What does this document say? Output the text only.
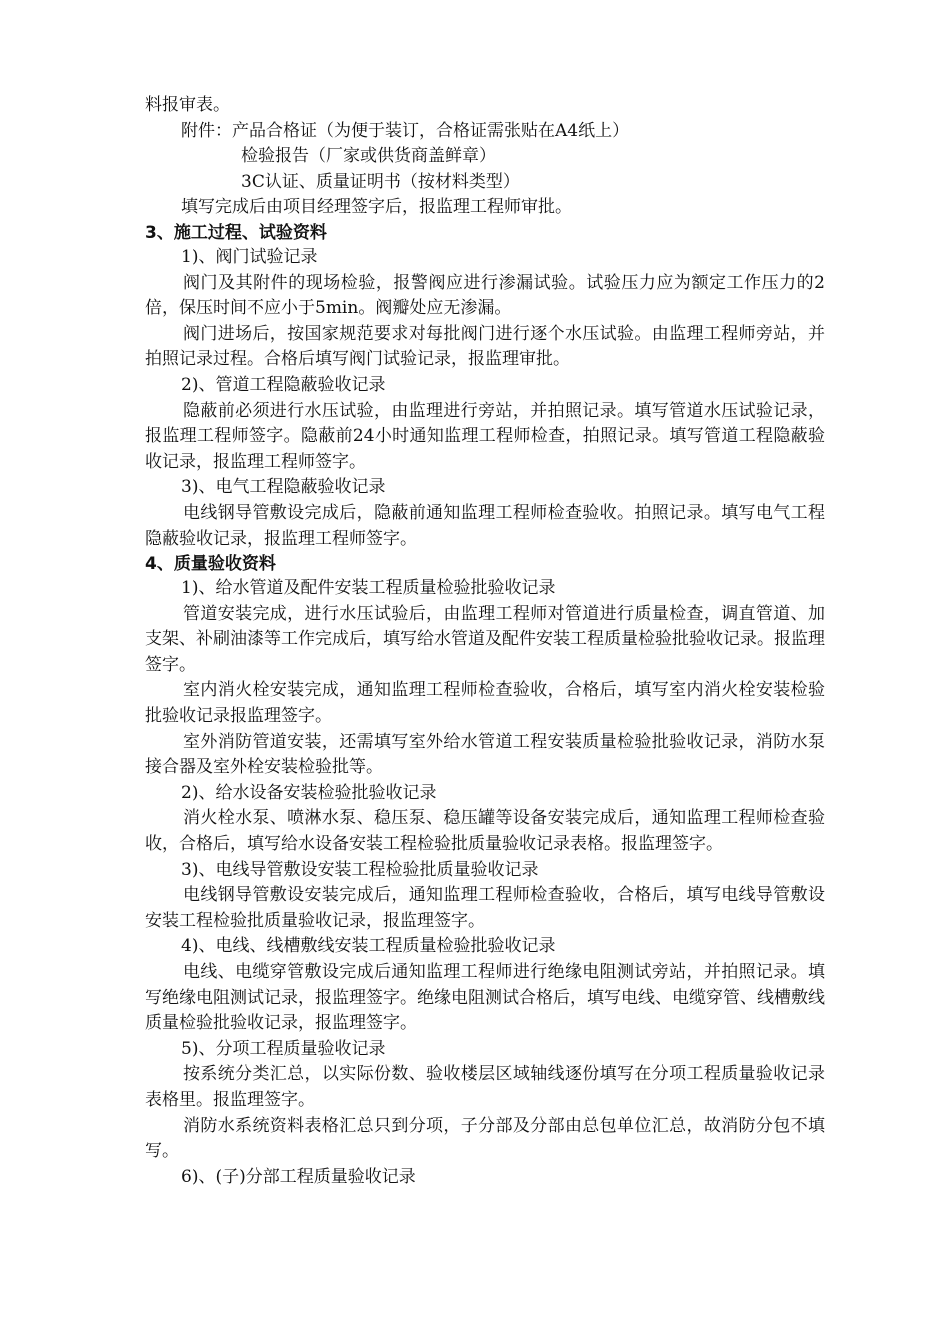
料报审表。

附件：产品合格证（为便于装订，合格证需张贴在A4纸上）

检验报告（厂家或供货商盖鲜章）

3C认证、质量证明书（按材料类型）

填写完成后由项目经理签字后，报监理工程师审批。

3、施工过程、试验资料

1)、阀门试验记录

阀门及其附件的现场检验，报警阀应进行渗漏试验。试验压力应为额定工作压力的2倍，保压时间不应小于5min。阀瓣处应无渗漏。

阀门进场后，按国家规范要求对每批阀门进行逐个水压试验。由监理工程师旁站，并拍照记录过程。合格后填写阀门试验记录，报监理审批。

2)、管道工程隐蔽验收记录

隐蔽前必须进行水压试验，由监理进行旁站，并拍照记录。填写管道水压试验记录，报监理工程师签字。隐蔽前24小时通知监理工程师检查，拍照记录。填写管道工程隐蔽验收记录，报监理工程师签字。

3)、电气工程隐蔽验收记录

电线钢导管敷设完成后，隐蔽前通知监理工程师检查验收。拍照记录。填写电气工程隐蔽验收记录，报监理工程师签字。

4、质量验收资料

1)、给水管道及配件安装工程质量检验批验收记录

管道安装完成，进行水压试验后，由监理工程师对管道进行质量检查，调直管道、加支架、补刷油漆等工作完成后，填写给水管道及配件安装工程质量检验批验收记录。报监理签字。

室内消火栓安装完成，通知监理工程师检查验收，合格后，填写室内消火栓安装检验批验收记录报监理签字。

室外消防管道安装，还需填写室外给水管道工程安装质量检验批验收记录，消防水泵接合器及室外栓安装检验批等。

2)、给水设备安装检验批验收记录

消火栓水泵、喷淋水泵、稳压泵、稳压罐等设备安装完成后，通知监理工程师检查验收，合格后，填写给水设备安装工程检验批质量验收记录表格。报监理签字。

3)、电线导管敷设安装工程检验批质量验收记录

电线钢导管敷设安装完成后，通知监理工程师检查验收，合格后，填写电线导管敷设安装工程检验批质量验收记录，报监理签字。

4)、电线、线槽敷线安装工程质量检验批验收记录

电线、电缆穿管敷设完成后通知监理工程师进行绝缘电阻测试旁站，并拍照记录。填写绝缘电阻测试记录，报监理签字。绝缘电阻测试合格后，填写电线、电缆穿管、线槽敷线质量检验批验收记录，报监理签字。

5)、分项工程质量验收记录

按系统分类汇总，以实际份数、验收楼层区域轴线逐份填写在分项工程质量验收记录表格里。报监理签字。

消防水系统资料表格汇总只到分项，子分部及分部由总包单位汇总，故消防分包不填写。

6)、(子)分部工程质量验收记录
